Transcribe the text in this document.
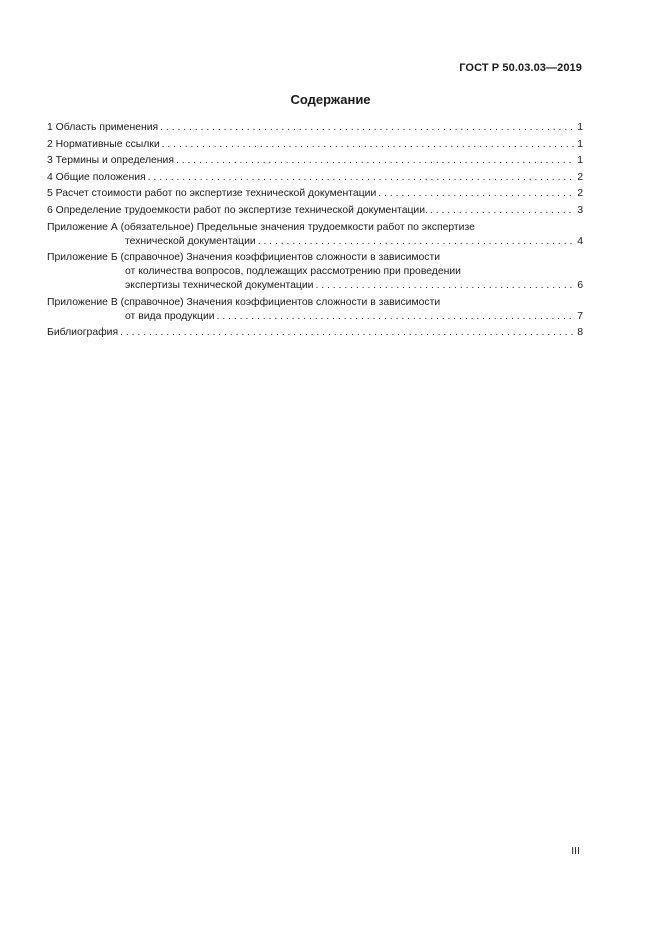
ГОСТ Р 50.03.03—2019
Содержание
1 Область применения . . .	1
2 Нормативные ссылки . . .	1
3 Термины и определения . . .	1
4 Общие положения . . .	2
5 Расчет стоимости работ по экспертизе технической документации . . .	2
6 Определение трудоемкости работ по экспертизе технической документации. . . .	3
Приложение А (обязательное) Предельные значения трудоемкости работ по экспертизе
технической документации . . .	4
Приложение Б (справочное) Значения коэффициентов сложности в зависимости
от количества вопросов, подлежащих рассмотрению при проведении
экспертизы технической документации . . .	6
Приложение В (справочное) Значения коэффициентов сложности в зависимости
от вида продукции . . .	7
Библиография . . .	8
III
